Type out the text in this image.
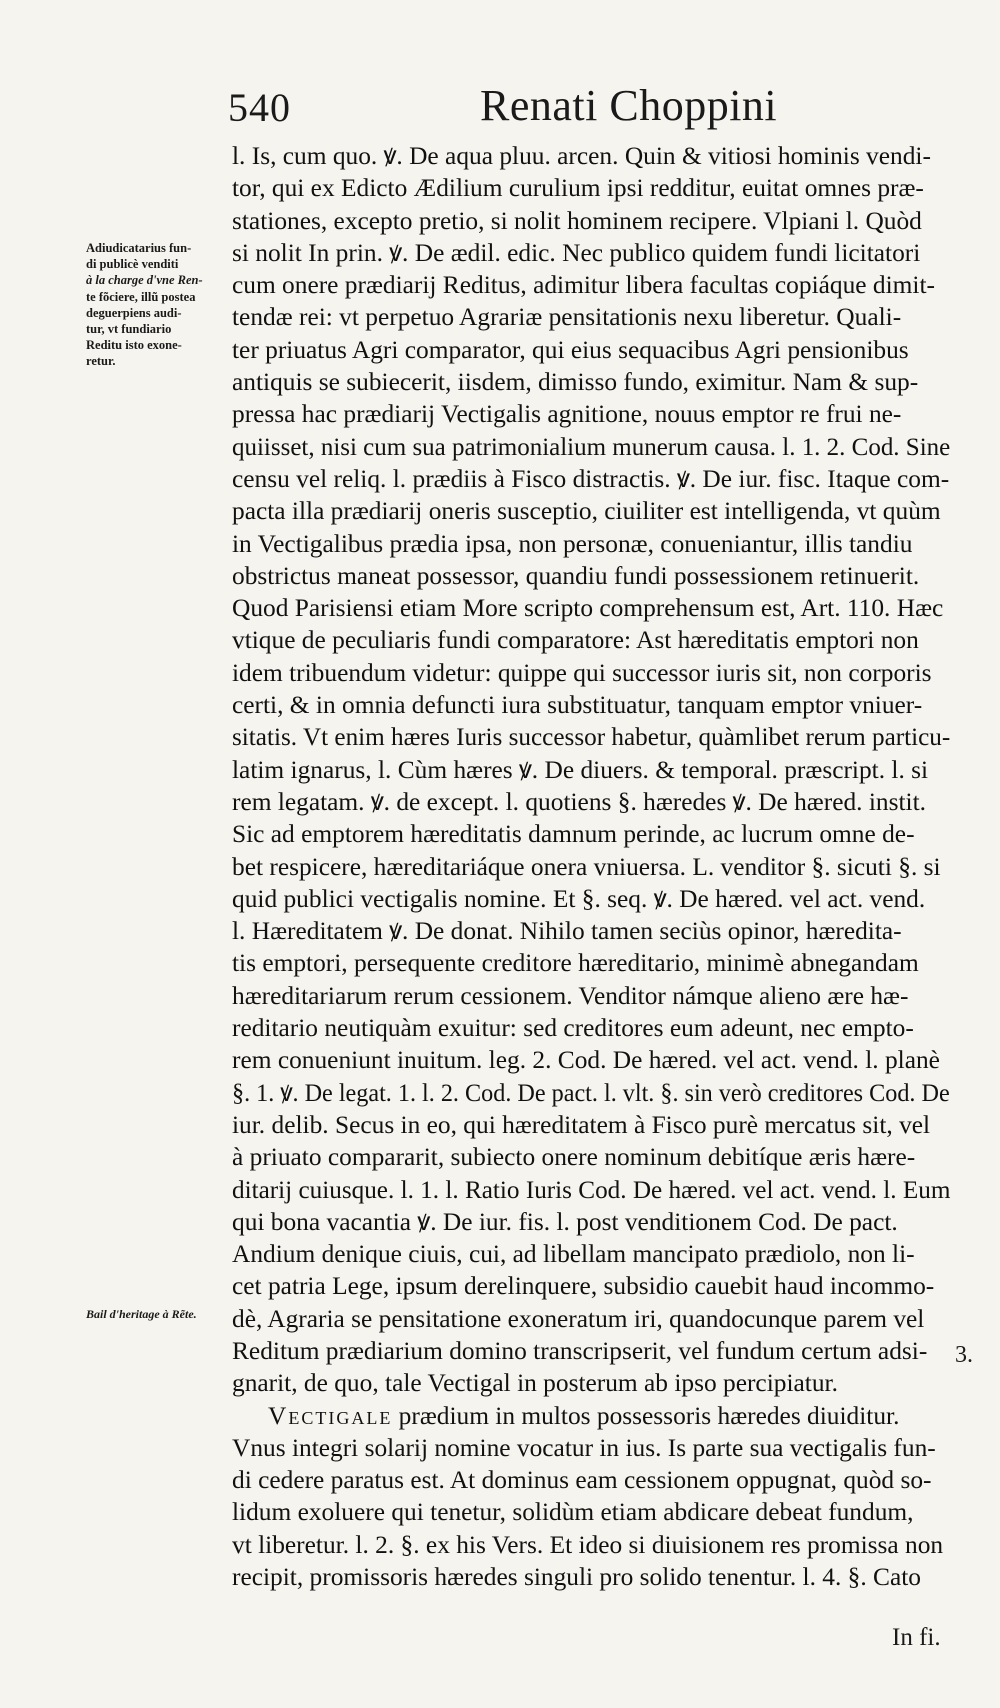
540	Renati Choppini
Adiudicatarius fun-
di publicè venditi
à la charge d'vne Ren-
te fõciere, illũ postea
deguerpiens audi-
tur, vt fundiario
Reditu isto exone-
retur.
Bail d'heritage à Rẽte.
l. Is, cum quo. ꝟ. De aqua pluu. arcen. Quin & vitiosi hominis vendi-
tor, qui ex Edicto Ædilium curulium ipsi redditur, euitat omnes præ-
stationes, excepto pretio, si nolit hominem recipere. Vlpiani l. Quòd
si nolit In prin. ꝟ. De ædil. edic. Nec publico quidem fundi licitatori
cum onere prædiarij Reditus, adimitur libera facultas copiáque dimit-
tendæ rei: vt perpetuo Agrariæ pensitationis nexu liberetur. Quali-
ter priuatus Agri comparator, qui eius sequacibus Agri pensionibus
antiquis se subiecerit, iisdem, dimisso fundo, eximitur. Nam & sup-
pressa hac prædiarij Vectigalis agnitione, nouus emptor re frui ne-
quiisset, nisi cum sua patrimonialium munerum causa. l. 1. 2. Cod. Sine
censu vel reliq. l. prædiis à Fisco distractis. ꝟ. De iur. fisc. Itaque com-
pacta illa prædiarij oneris susceptio, ciuiliter est intelligenda, vt quùm
in Vectigalibus prædia ipsa, non personæ, conueniantur, illis tandiu
obstrictus maneat possessor, quandiu fundi possessionem retinuerit.
Quod Parisiensi etiam More scripto comprehensum est, Art. 110. Hæc
vtique de peculiaris fundi comparatore: Ast hæreditatis emptori non
idem tribuendum videtur: quippe qui successor iuris sit, non corporis
certi, & in omnia defuncti iura substituatur, tanquam emptor vniuer-
sitatis. Vt enim hæres Iuris successor habetur, quàmlibet rerum particu-
latim ignarus, l. Cùm hæres ꝟ. De diuers. & temporal. præscript. l. si
rem legatam. ꝟ. de except. l. quotiens §. hæredes ꝟ. De hæred. instit.
Sic ad emptorem hæreditatis damnum perinde, ac lucrum omne de-
bet respicere, hæreditariáque onera vniuersa. L. venditor §. sicuti §. si
quid publici vectigalis nomine. Et §. seq. ꝟ. De hæred. vel act. vend.
l. Hæreditatem ꝟ. De donat. Nihilo tamen seciùs opinor, hæredita-
tis emptori, persequente creditore hæreditario, minimè abnegandam
hæreditariarum rerum cessionem. Venditor námque alieno ære hæ-
reditario neutiquàm exuitur: sed creditores eum adeunt, nec empto-
rem conueniunt inuitum. leg. 2. Cod. De hæred. vel act. vend. l. planè
§. 1. ꝟ. De legat. 1. l. 2. Cod. De pact. l. vlt. §. sin verò creditores Cod. De
iur. delib. Secus in eo, qui hæreditatem à Fisco purè mercatus sit, vel
à priuato compararit, subiecto onere nominum debitíque æris hære-
ditarij cuiusque. l. 1. l. Ratio Iuris Cod. De hæred. vel act. vend. l. Eum
qui bona vacantia ꝟ. De iur. fis. l. post venditionem Cod. De pact.
Andium denique ciuis, cui, ad libellam mancipato prædiolo, non li-
cet patria Lege, ipsum derelinquere, subsidio cauebit haud incommo-
dè, Agraria se pensitatione exoneratum iri, quandocunque parem vel
Reditum prædiarium domino transcripserit, vel fundum certum adsi-
gnarit, de quo, tale Vectigal in posterum ab ipso percipiatur.
Vectigale prædium in multos possessoris hæredes diuiditur.
Vnus integri solarij nomine vocatur in ius. Is parte sua vectigalis fun-
di cedere paratus est. At dominus eam cessionem oppugnat, quòd so-
lidum exoluere qui tenetur, solidùm etiam abdicare debeat fundum,
vt liberetur. l. 2. §. ex his Vers. Et ideo si diuisionem res promissa non
recipit, promissoris hæredes singuli pro solido tenentur. l. 4. §. Cato
3.
In fi.
